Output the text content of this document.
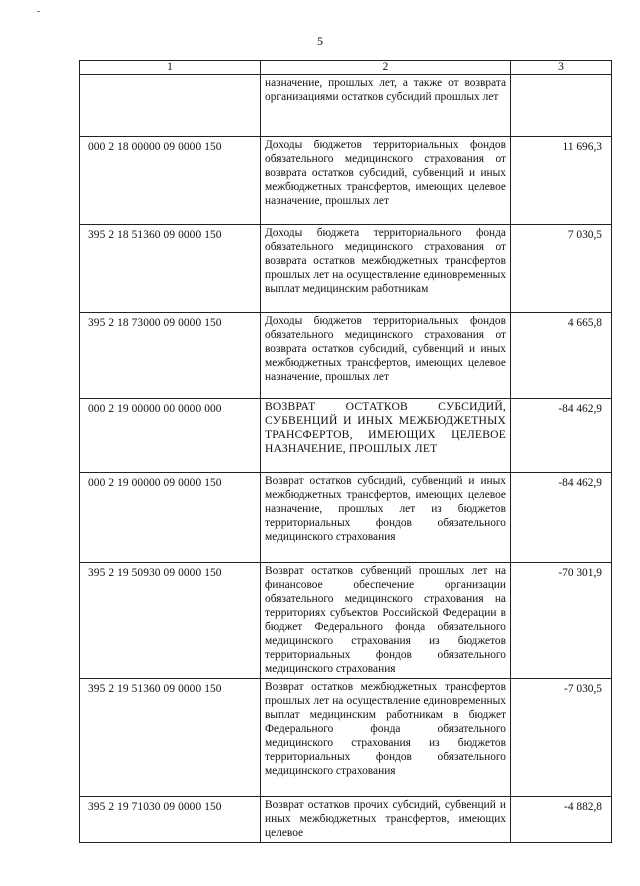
5
1	2	3
	назначение, прошлых лет, а также от возврата организациями остатков субсидий прошлых лет	
000 2 18 00000 09 0000 150	Доходы бюджетов территориальных фондов обязательного медицинского страхования от возврата остатков субсидий, субвенций и иных межбюджетных трансфертов, имеющих целевое назначение, прошлых лет	11 696,3
395 2 18 51360 09 0000 150	Доходы бюджета территориального фонда обязательного медицинского страхования от возврата остатков межбюджетных трансфертов прошлых лет на осуществление единовременных выплат медицинским работникам	7 030,5
395 2 18 73000 09 0000 150	Доходы бюджетов территориальных фондов обязательного медицинского страхования от возврата остатков субсидий, субвенций и иных межбюджетных трансфертов, имеющих целевое назначение, прошлых лет	4 665,8
000 2 19 00000 00 0000 000	ВОЗВРАТ ОСТАТКОВ СУБСИДИЙ, СУБВЕНЦИЙ И ИНЫХ МЕЖБЮДЖЕТНЫХ ТРАНСФЕРТОВ, ИМЕЮЩИХ ЦЕЛЕВОЕ НАЗНАЧЕНИЕ, ПРОШЛЫХ ЛЕТ	-84 462,9
000 2 19 00000 09 0000 150	Возврат остатков субсидий, субвенций и иных межбюджетных трансфертов, имеющих целевое назначение, прошлых лет из бюджетов территориальных фондов обязательного медицинского страхования	-84 462,9
395 2 19 50930 09 0000 150	Возврат остатков субвенций прошлых лет на финансовое обеспечение организации обязательного медицинского страхования на территориях субъектов Российской Федерации в бюджет Федерального фонда обязательного медицинского страхования из бюджетов территориальных фондов обязательного медицинского страхования	-70 301,9
395 2 19 51360 09 0000 150	Возврат остатков межбюджетных трансфертов прошлых лет на осуществление единовременных выплат медицинским работникам в бюджет Федерального фонда обязательного медицинского страхования из бюджетов территориальных фондов обязательного медицинского страхования	-7 030,5
395 2 19 71030 09 0000 150	Возврат остатков прочих субсидий, субвенций и иных межбюджетных трансфертов, имеющих целевое	-4 882,8
